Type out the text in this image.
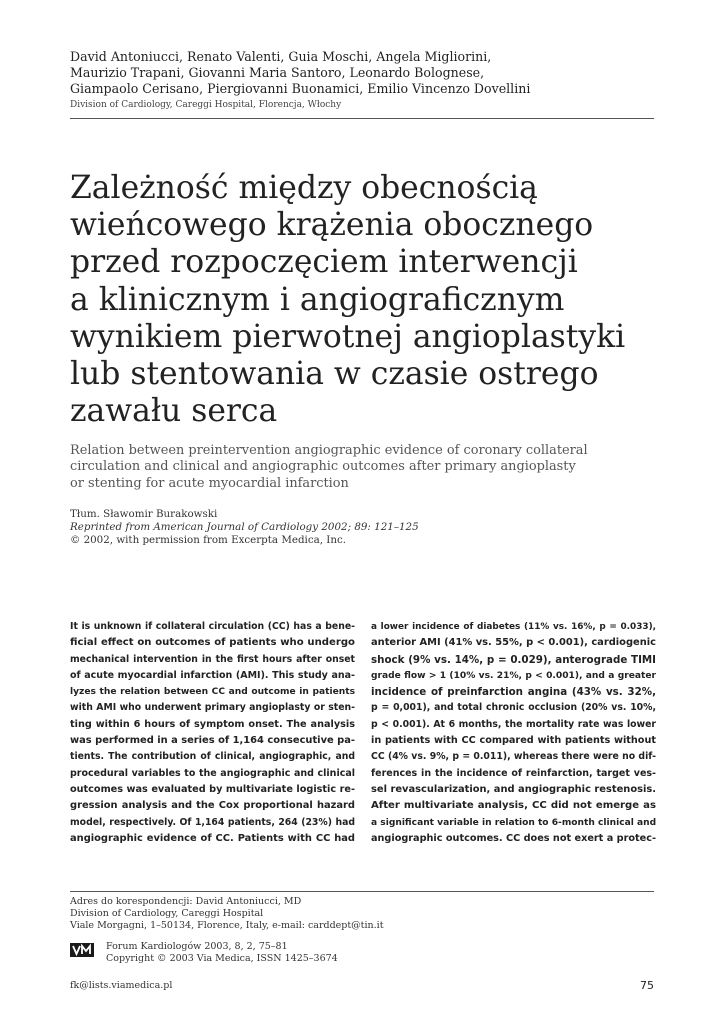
David Antoniucci, Renato Valenti, Guia Moschi, Angela Migliorini,
Maurizio Trapani, Giovanni Maria Santoro, Leonardo Bolognese,
Giampaolo Cerisano, Piergiovanni Buonamici, Emilio Vincenzo Dovellini
Division of Cardiology, Careggi Hospital, Florencja, Włochy
Zależność między obecnością
wieńcowego krążenia obocznego
przed rozpoczęciem interwencji
a klinicznym i angiograficznym
wynikiem pierwotnej angioplastyki
lub stentowania w czasie ostrego
zawału serca
Relation between preintervention angiographic evidence of coronary collateral
circulation and clinical and angiographic outcomes after primary angioplasty
or stenting for acute myocardial infarction
Tłum. Sławomir Burakowski
Reprinted from American Journal of Cardiology 2002; 89: 121–125
© 2002, with permission from Excerpta Medica, Inc.
It is unknown if collateral circulation (CC) has a bene-
ficial effect on outcomes of patients who undergo
mechanical intervention in the first hours after onset
of acute myocardial infarction (AMI). This study ana-
lyzes the relation between CC and outcome in patients
with AMI who underwent primary angioplasty or sten-
ting within 6 hours of symptom onset. The analysis
was performed in a series of 1,164 consecutive pa-
tients. The contribution of clinical, angiographic, and
procedural variables to the angiographic and clinical
outcomes was evaluated by multivariate logistic re-
gression analysis and the Cox proportional hazard
model, respectively. Of 1,164 patients, 264 (23%) had
angiographic evidence of CC. Patients with CC had
a lower incidence of diabetes (11% vs. 16%, p = 0.033),
anterior AMI (41% vs. 55%, p < 0.001), cardiogenic
shock (9% vs. 14%, p = 0.029), anterograde TIMI
grade flow > 1 (10% vs. 21%, p < 0.001), and a greater
incidence of preinfarction angina (43% vs. 32%,
p = 0,001), and total chronic occlusion (20% vs. 10%,
p < 0.001). At 6 months, the mortality rate was lower
in patients with CC compared with patients without
CC (4% vs. 9%, p = 0.011), whereas there were no dif-
ferences in the incidence of reinfarction, target ves-
sel revascularization, and angiographic restenosis.
After multivariate analysis, CC did not emerge as
a significant variable in relation to 6-month clinical and
angiographic outcomes. CC does not exert a protec-
Adres do korespondencji: David Antoniucci, MD
Division of Cardiology, Careggi Hospital
Viale Morgagni, 1–50134, Florence, Italy, e-mail: carddept@tin.it
Forum Kardiologów 2003, 8, 2, 75–81
Copyright © 2003 Via Medica, ISSN 1425–3674
fk@lists.viamedica.pl	75
